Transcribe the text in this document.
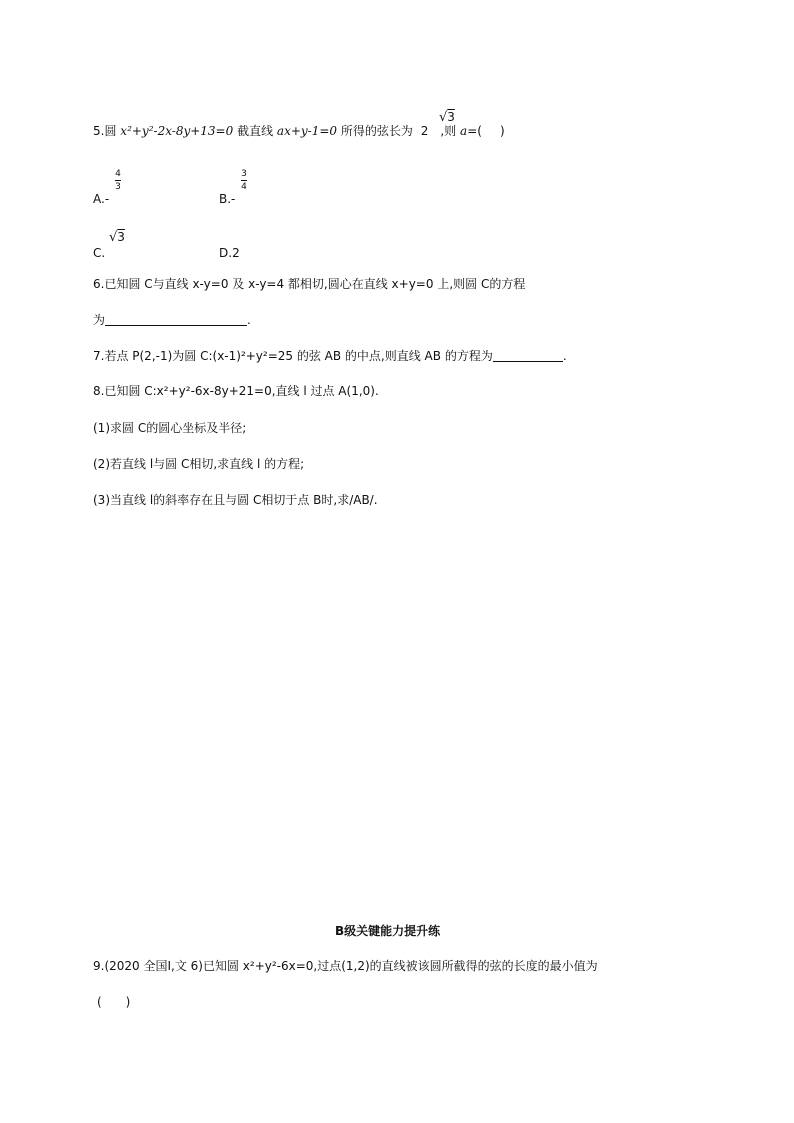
5.圆 x²+y²-2x-8y+13=0 截直线 ax+y-1=0 所得的弦长为 2 ,则 a=( )
√3
4
3
A.-
3
4
B.-
C.
√3
D.2
6.已知圆 C与直线 x-y=0 及 x-y=4 都相切,圆心在直线 x+y=0 上,则圆 C的方程
为	.
7.若点 P(2,-1)为圆 C:(x-1)²+y²=25 的弦 AB 的中点,则直线 AB 的方程为	.
8.已知圆 C:x²+y²-6x-8y+21=0,直线 l 过点 A(1,0).
(1)求圆 C的圆心坐标及半径;
(2)若直线 l与圆 C相切,求直线 l 的方程;
(3)当直线 l的斜率存在且与圆 C相切于点 B时,求/AB/.
B级关键能力提升练
9.(2020 全国Ⅰ,文 6)已知圆 x²+y²-6x=0,过点(1,2)的直线被该圆所截得的弦的长度的最小值为
(　　)
